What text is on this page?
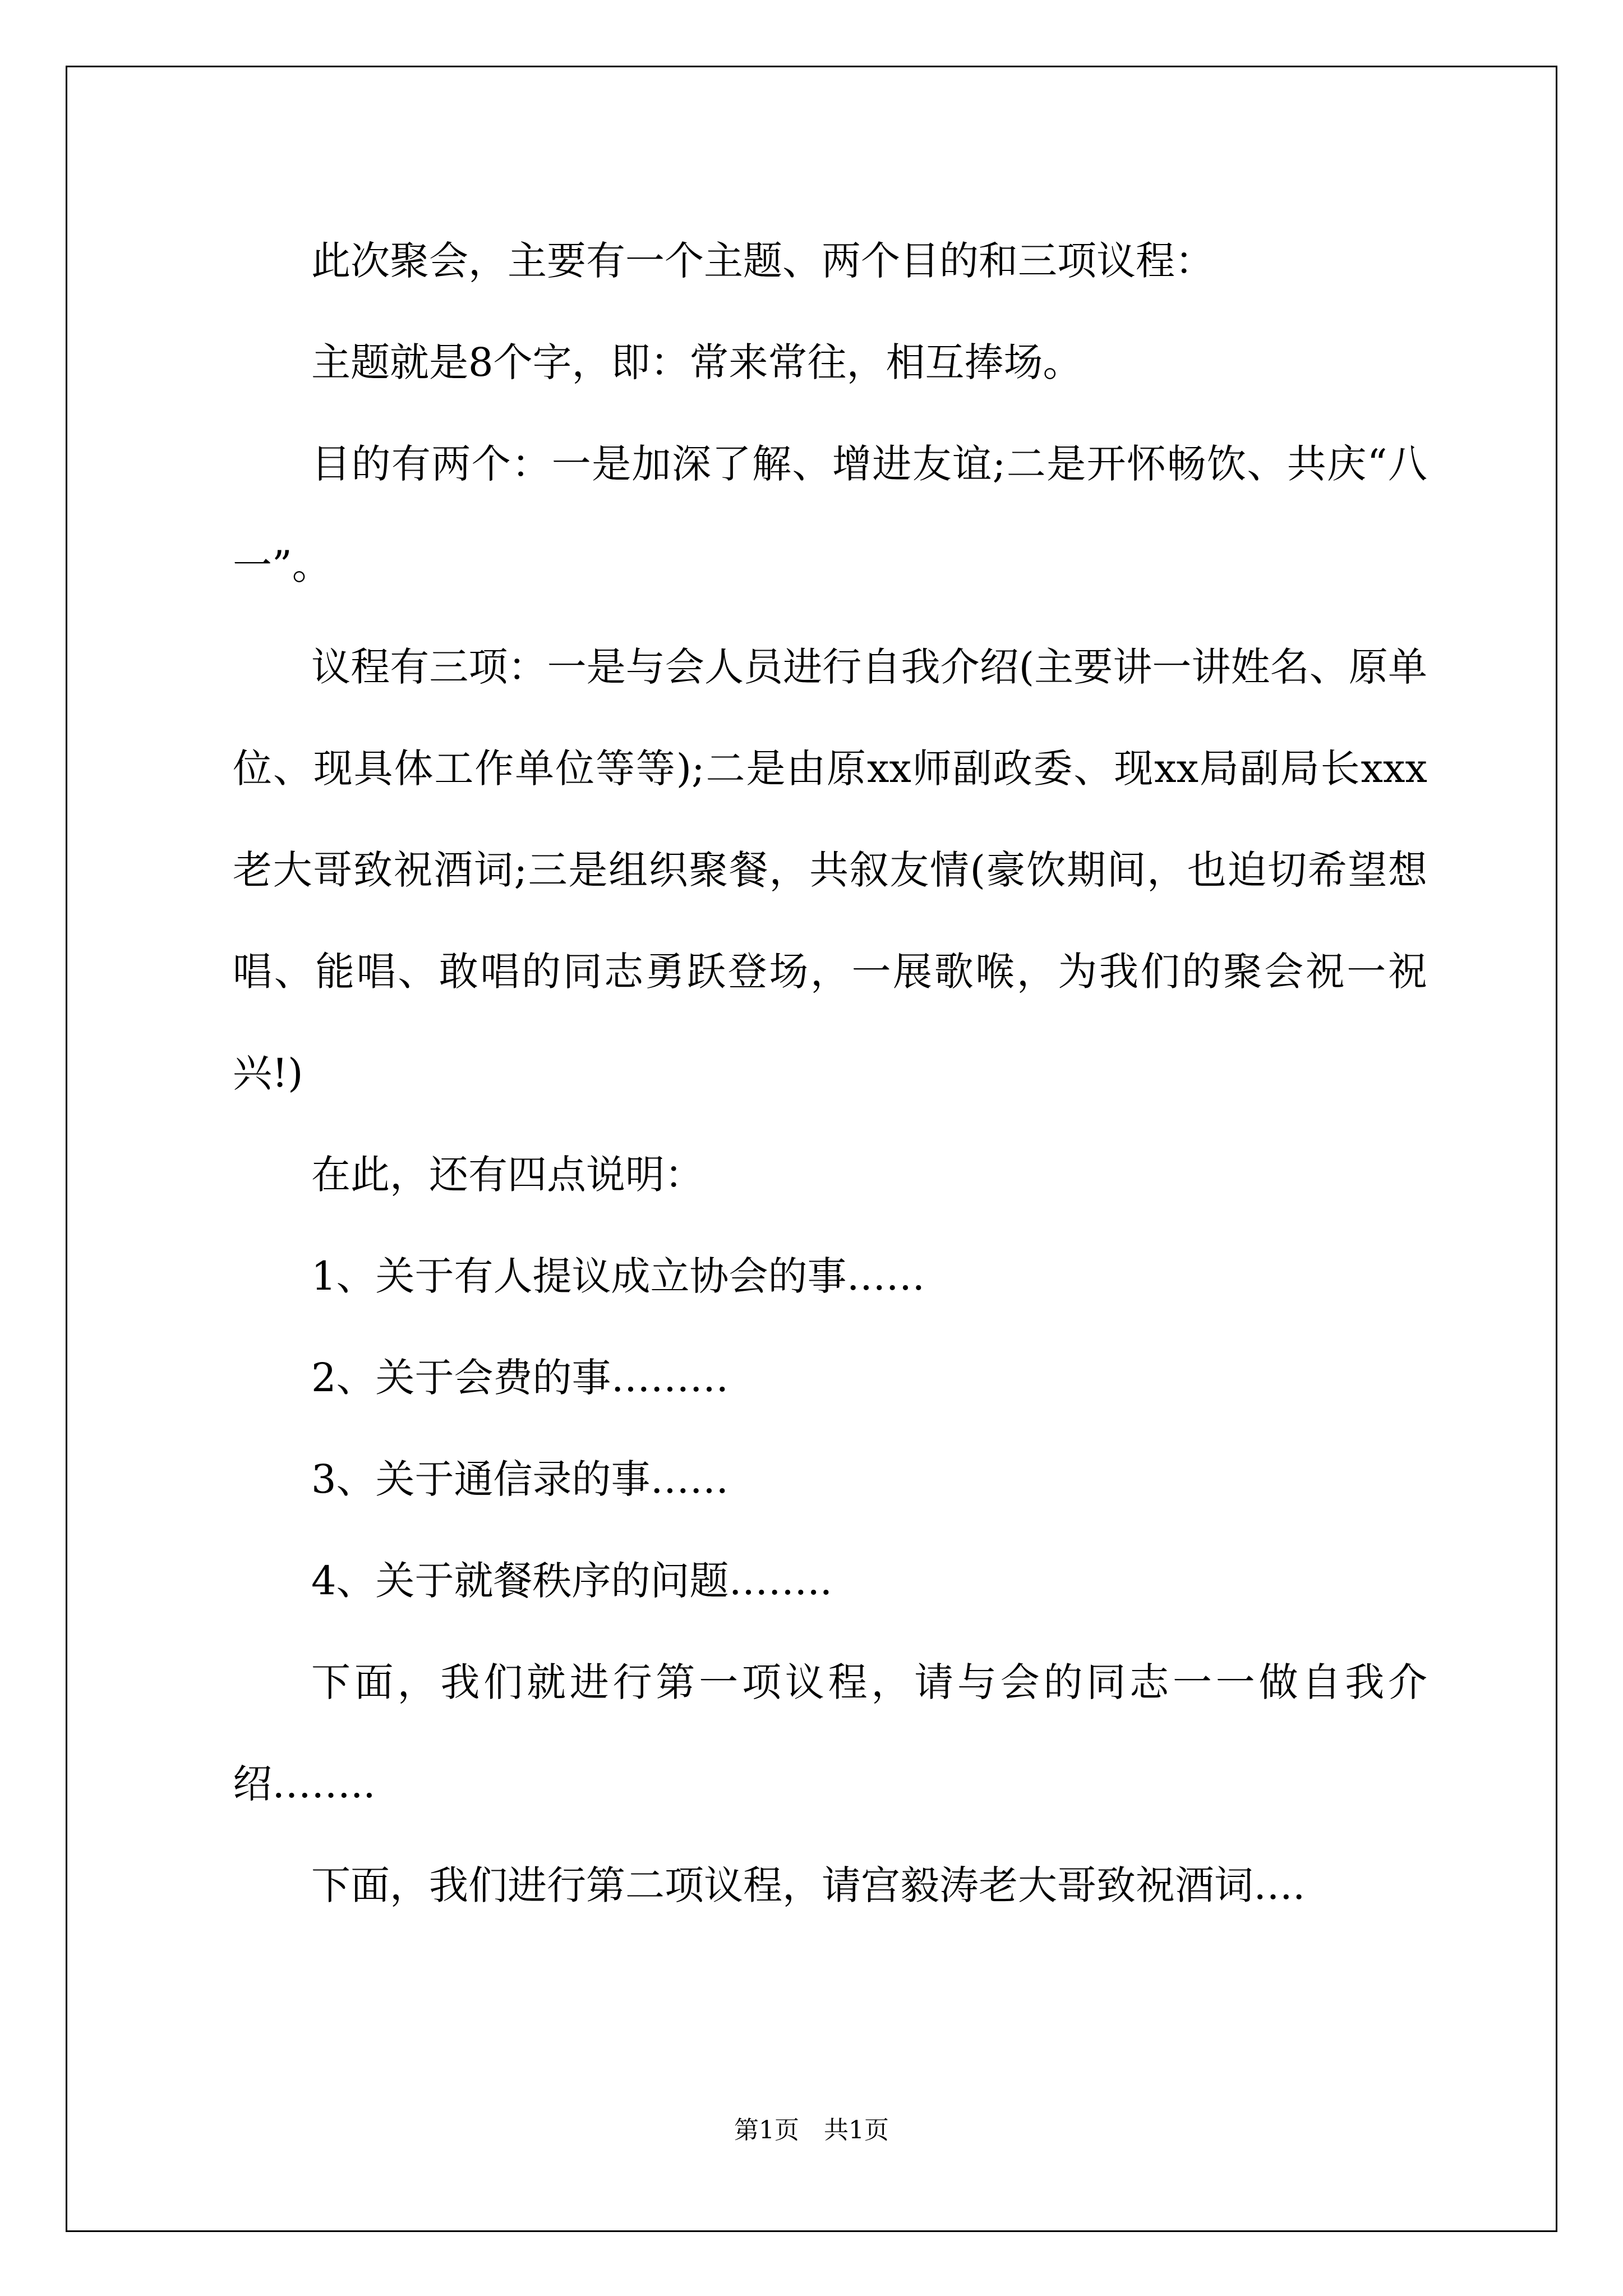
此次聚会，主要有一个主题、两个目的和三项议程：

主题就是8个字，即：常来常往，相互捧场。

目的有两个：一是加深了解、增进友谊;二是开怀畅饮、共庆“八一”。

议程有三项：一是与会人员进行自我介绍(主要讲一讲姓名、原单位、现具体工作单位等等);二是由原xx师副政委、现xx局副局长xxx老大哥致祝酒词;三是组织聚餐，共叙友情(豪饮期间，也迫切希望想唱、能唱、敢唱的同志勇跃登场，一展歌喉，为我们的聚会祝一祝兴!)

在此，还有四点说明：

1、关于有人提议成立协会的事……

2、关于会费的事………

3、关于通信录的事……

4、关于就餐秩序的问题……..

下面，我们就进行第一项议程，请与会的同志一一做自我介绍……..

下面，我们进行第二项议程，请宫毅涛老大哥致祝酒词….

第1页　共1页
